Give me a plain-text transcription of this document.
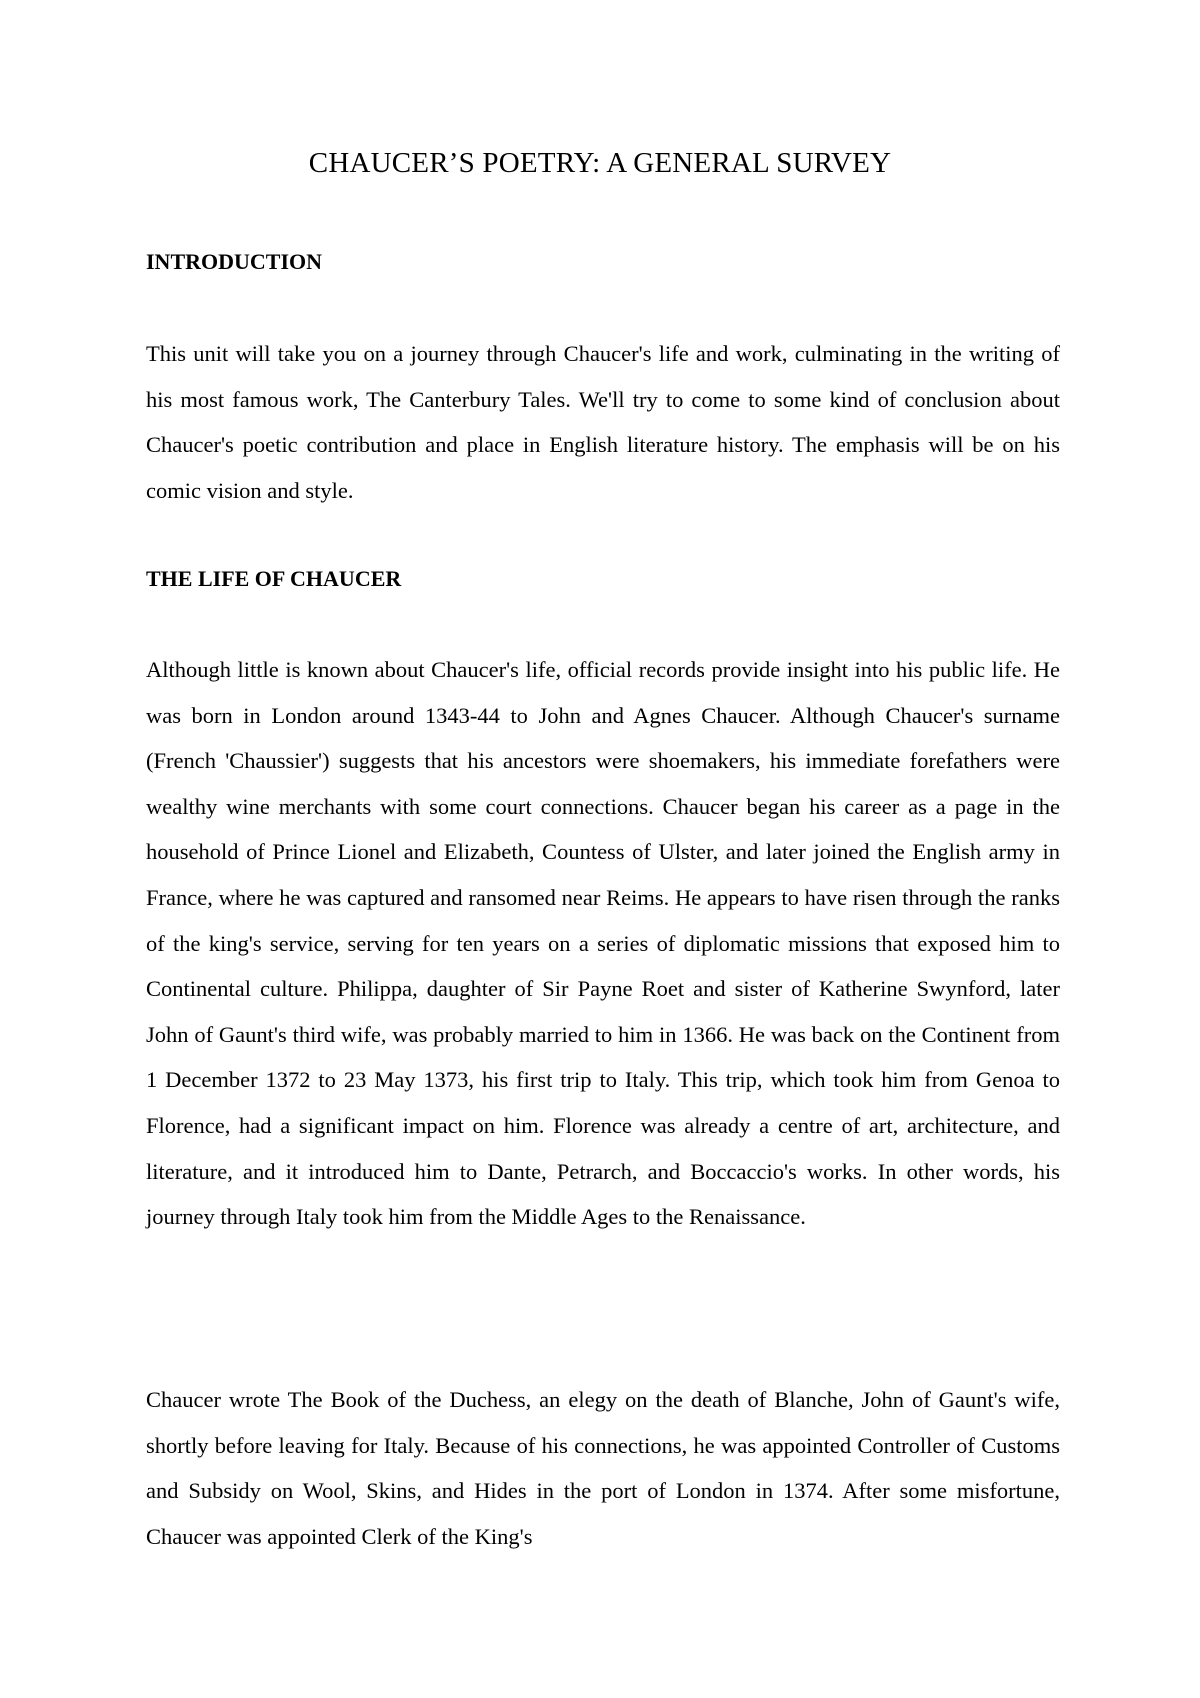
CHAUCER’S POETRY: A GENERAL SURVEY
INTRODUCTION

This unit will take you on a journey through Chaucer's life and work, culminating in the writing of his most famous work, The Canterbury Tales. We'll try to come to some kind of conclusion about Chaucer's poetic contribution and place in English literature history. The emphasis will be on his comic vision and style.

THE LIFE OF CHAUCER

Although little is known about Chaucer's life, official records provide insight into his public life. He was born in London around 1343-44 to John and Agnes Chaucer. Although Chaucer's surname (French 'Chaussier') suggests that his ancestors were shoemakers, his immediate forefathers were wealthy wine merchants with some court connections. Chaucer began his career as a page in the household of Prince Lionel and Elizabeth, Countess of Ulster, and later joined the English army in France, where he was captured and ransomed near Reims. He appears to have risen through the ranks of the king's service, serving for ten years on a series of diplomatic missions that exposed him to Continental culture. Philippa, daughter of Sir Payne Roet and sister of Katherine Swynford, later John of Gaunt's third wife, was probably married to him in 1366. He was back on the Continent from 1 December 1372 to 23 May 1373, his first trip to Italy. This trip, which took him from Genoa to Florence, had a significant impact on him. Florence was already a centre of art, architecture, and literature, and it introduced him to Dante, Petrarch, and Boccaccio's works. In other words, his journey through Italy took him from the Middle Ages to the Renaissance.

Chaucer wrote The Book of the Duchess, an elegy on the death of Blanche, John of Gaunt's wife, shortly before leaving for Italy. Because of his connections, he was appointed Controller of Customs and Subsidy on Wool, Skins, and Hides in the port of London in 1374. After some misfortune, Chaucer was appointed Clerk of the King's
